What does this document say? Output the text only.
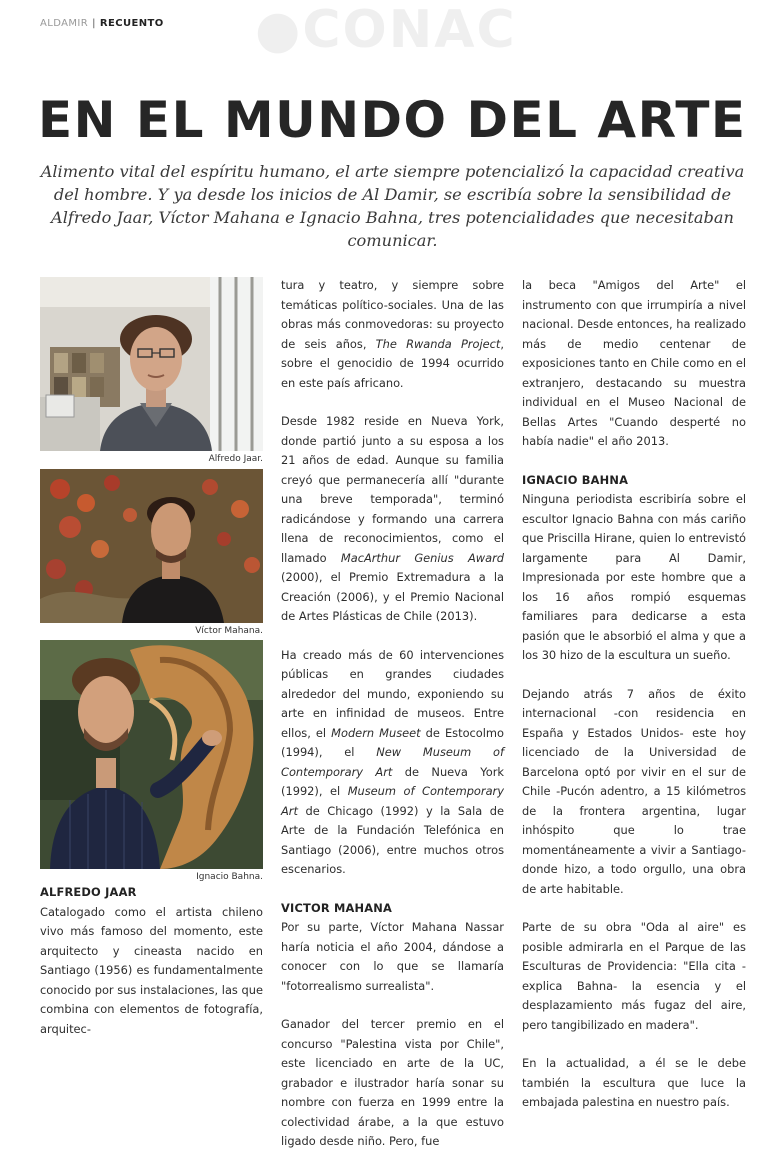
●CONAC
ALDAMIR | RECUENTO
EN EL MUNDO DEL ARTE
Alimento vital del espíritu humano, el arte siempre potencializó la capacidad creativa del hombre. Y ya desde los inicios de Al Damir, se escribía sobre la sensibilidad de Alfredo Jaar, Víctor Mahana e Ignacio Bahna, tres potencialidades que necesitaban comunicar.
Alfredo Jaar.
Víctor Mahana.
Ignacio Bahna.
ALFREDO JAAR

Catalogado como el artista chileno vivo más famoso del momento, este arquitecto y cineasta nacido en Santiago (1956) es fundamentalmente conocido por sus instalaciones, las que combina con elementos de fotografía, arquitec-

tura y teatro, y siempre sobre temáticas político-sociales. Una de las obras más conmovedoras: su proyecto de seis años, The Rwanda Project, sobre el genocidio de 1994 ocurrido en este país africano.

Desde 1982 reside en Nueva York, donde partió junto a su esposa a los 21 años de edad. Aunque su familia creyó que permanecería allí "durante una breve temporada", terminó radicándose y formando una carrera llena de reconocimientos, como el llamado MacArthur Genius Award (2000), el Premio Extremadura a la Creación (2006), y el Premio Nacional de Artes Plásticas de Chile (2013).

Ha creado más de 60 intervenciones públicas en grandes ciudades alrededor del mundo, exponiendo su arte en infinidad de museos. Entre ellos, el Modern Museet de Estocolmo (1994), el New Museum of Contemporary Art de Nueva York (1992), el Museum of Contemporary Art de Chicago (1992) y la Sala de Arte de la Fundación Telefónica en Santiago (2006), entre muchos otros escenarios.

VICTOR MAHANA

Por su parte, Víctor Mahana Nassar haría noticia el año 2004, dándose a conocer con lo que se llamaría "fotorrealismo surrealista".

Ganador del tercer premio en el concurso "Palestina vista por Chile", este licenciado en arte de la UC, grabador e ilustrador haría sonar su nombre con fuerza en 1999 entre la colectividad árabe, a la que estuvo ligado desde niño. Pero, fue

la beca "Amigos del Arte" el instrumento con que irrumpiría a nivel nacional. Desde entonces, ha realizado más de medio centenar de exposiciones tanto en Chile como en el extranjero, destacando su muestra individual en el Museo Nacional de Bellas Artes "Cuando desperté no había nadie" el año 2013.

IGNACIO BAHNA

Ninguna periodista escribiría sobre el escultor Ignacio Bahna con más cariño que Priscilla Hirane, quien lo entrevistó largamente para Al Damir, Impresionada por este hombre que a los 16 años rompió esquemas familiares para dedicarse a esta pasión que le absorbió el alma y que a los 30 hizo de la escultura un sueño.

Dejando atrás 7 años de éxito internacional -con residencia en España y Estados Unidos- este hoy licenciado de la Universidad de Barcelona optó por vivir en el sur de Chile -Pucón adentro, a 15 kilómetros de la frontera argentina, lugar inhóspito que lo trae momentáneamente a vivir a Santiago- donde hizo, a todo orgullo, una obra de arte habitable.

Parte de su obra "Oda al aire" es posible admirarla en el Parque de las Esculturas de Providencia: "Ella cita -explica Bahna- la esencia y el desplazamiento más fugaz del aire, pero tangibilizado en madera".

En la actualidad, a él se le debe también la escultura que luce la embajada palestina en nuestro país.
